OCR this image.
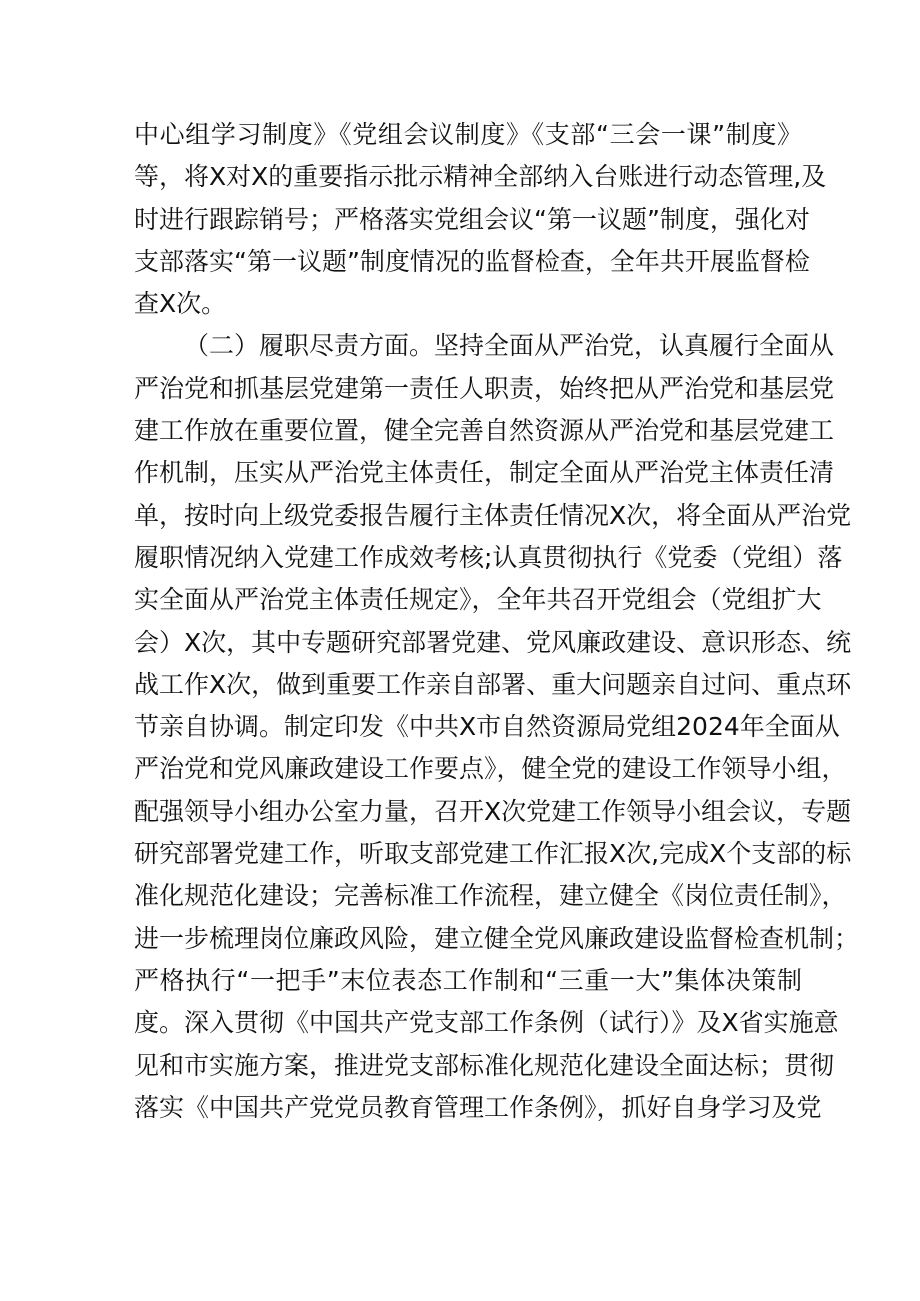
中心组学习制度》《党组会议制度》《支部“三会一课”制度》
等，将X对X的重要指示批示精神全部纳入台账进行动态管理,及
时进行跟踪销号；严格落实党组会议“第一议题”制度，强化对
支部落实“第一议题”制度情况的监督检查，全年共开展监督检
查X次。
（二）履职尽责方面。坚持全面从严治党，认真履行全面从
严治党和抓基层党建第一责任人职责，始终把从严治党和基层党
建工作放在重要位置，健全完善自然资源从严治党和基层党建工
作机制，压实从严治党主体责任，制定全面从严治党主体责任清
单，按时向上级党委报告履行主体责任情况X次，将全面从严治党
履职情况纳入党建工作成效考核;认真贯彻执行《党委（党组）落
实全面从严治党主体责任规定》，全年共召开党组会（党组扩大
会）X次，其中专题研究部署党建、党风廉政建设、意识形态、统
战工作X次，做到重要工作亲自部署、重大问题亲自过问、重点环
节亲自协调。制定印发《中共X市自然资源局党组2024年全面从
严治党和党风廉政建设工作要点》，健全党的建设工作领导小组，
配强领导小组办公室力量，召开X次党建工作领导小组会议，专题
研究部署党建工作，听取支部党建工作汇报X次,完成X个支部的标
准化规范化建设；完善标准工作流程，建立健全《岗位责任制》，
进一步梳理岗位廉政风险，建立健全党风廉政建设监督检查机制；
严格执行“一把手”末位表态工作制和“三重一大”集体决策制
度。深入贯彻《中国共产党支部工作条例（试行）》及X省实施意
见和市实施方案，推进党支部标准化规范化建设全面达标；贯彻
落实《中国共产党党员教育管理工作条例》，抓好自身学习及党
